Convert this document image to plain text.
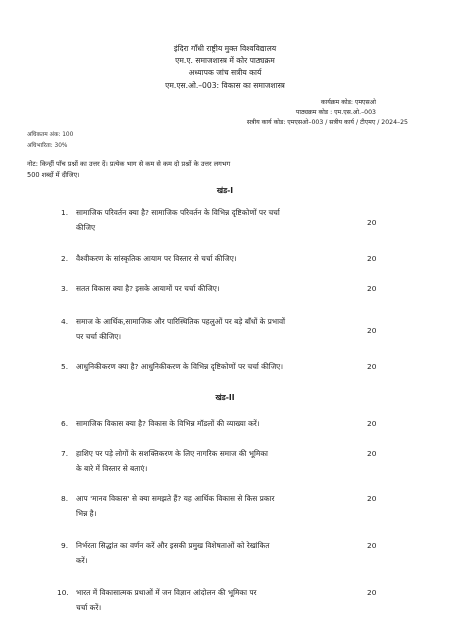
इंदिरा गाँधी राष्ट्रीय मुक्त विश्वविद्यालय
एम.ए. समाजशास्त्र में कोर पाठ्यक्रम
अध्यापक जांच सत्रीय कार्य
एम.एस.ओ.–003: विकास का समाजशास्त्र
कार्यक्रम कोड: एमएसओ
पाठ्यक्रम कोड : एम.एस.ओ.–003
सत्रीय कार्य कोड: एमएसओ–003 / सत्रीय कार्य / टीएमए / 2024–25
अधिकतम अंक: 100
अधिभारिता: 30%
नोट: किन्हीं पाँच प्रश्नों का उत्तर दें। प्रत्येक भाग से कम से कम दो प्रश्नों के उत्तर लगभग
500 शब्दों में दीजिए।
खंड-I
1. सामाजिक परिवर्तन क्या है? सामाजिक परिवर्तन के विभिन्न दृष्टिकोणों पर चर्चा
कीजिए
20
2. वैश्वीकरण के सांस्कृतिक आयाम पर विस्तार से चर्चा कीजिए।	20
3. सतत विकास क्या है? इसके आयामों पर चर्चा कीजिए।	20
4. समाज के आर्थिक,सामाजिक और पारिस्थितिक पहलुओं पर बड़े बाँधों के प्रभावों
पर चर्चा कीजिए।
20
5. आधुनिकीकरण क्या है? आधुनिकीकरण के विभिन्न दृष्टिकोणों पर चर्चा कीजिए।	20
खंड-II
6. सामाजिक विकास क्या है? विकास के विभिन्न मॉडलों की व्याख्या करें।	20
7. हाशिए पर पड़े लोगों के सशक्तिकरण के लिए नागरिक समाज की भूमिका
के बारे में विस्तार से बताएं।
20
8. आप 'मानव विकास' से क्या समझते हैं? यह आर्थिक विकास से किस प्रकार
भिन्न है।
20
9. निर्भरता सिद्धांत का वर्णन करें और इसकी प्रमुख विशेषताओं को रेखांकित
करें।
20
10. भारत में विकासात्मक प्रथाओं में जन विज्ञान आंदोलन की भूमिका पर
चर्चा करें।
20
